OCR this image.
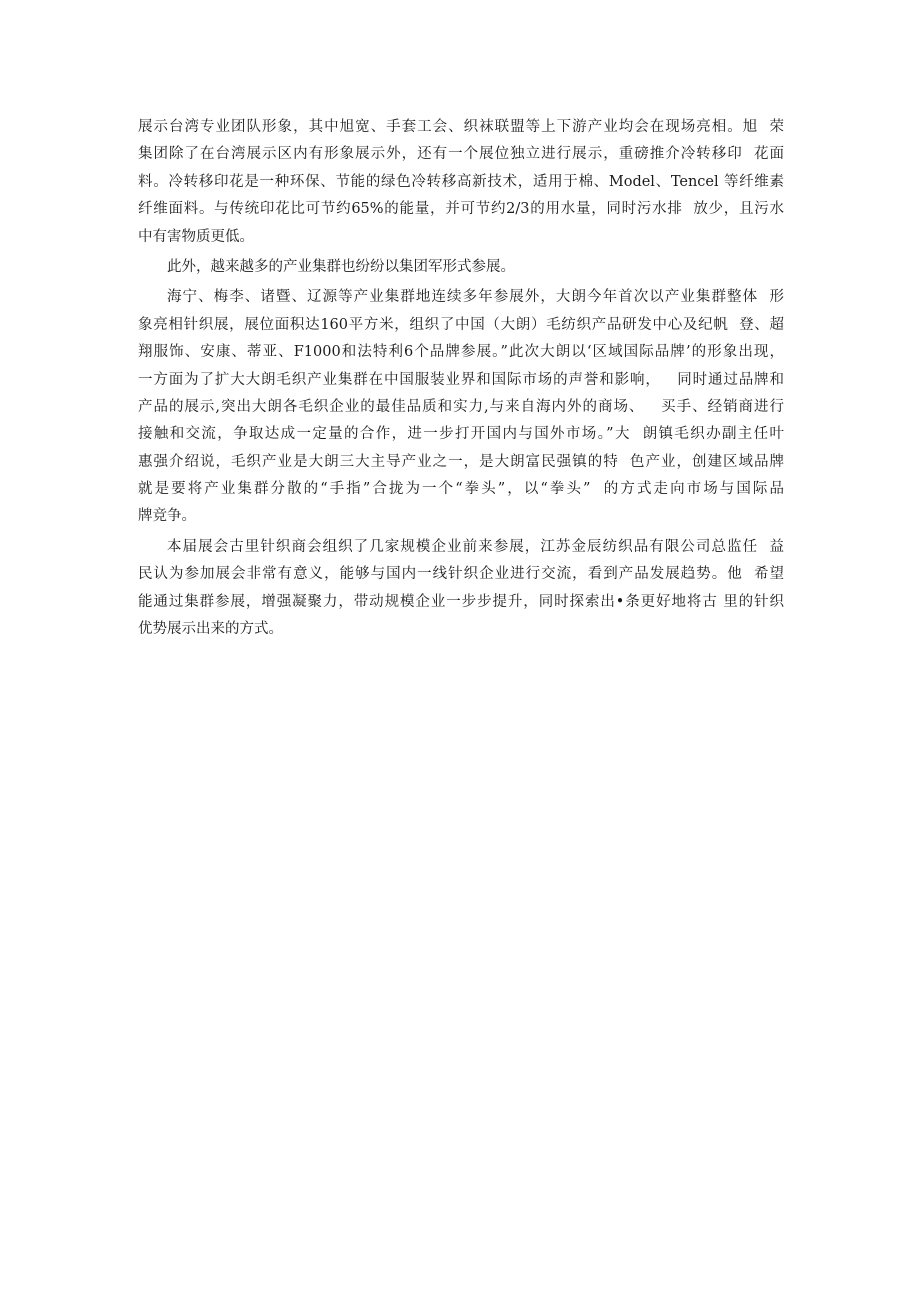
展示台湾专业团队形象，其中旭宽、手套工会、织袜联盟等上下游产业均会在现场亮相。旭  荣
集团除了在台湾展示区内有形象展示外，还有一个展位独立进行展示，重磅推介冷转移印  花面
料。冷转移印花是一种环保、节能的绿色冷转移高新技术，适用于棉、Model、Tencel 等纤维素
纤维面料。与传统印花比可节约65%的能量，并可节约2/3的用水量，同时污水排  放少，且污水
中有害物质更低。
此外，越来越多的产业集群也纷纷以集团军形式参展。
海宁、梅李、诸暨、辽源等产业集群地连续多年参展外，大朗今年首次以产业集群整体  形
象亮相针织展，展位面积达160平方米，组织了中国（大朗）毛纺织产品研发中心及纪帆  登、超
翔服饰、安康、蒂亚、F1000和法特利6个品牌参展。”此次大朗以‘区域国际品牌’的形象出现，
一方面为了扩大大朗毛织产业集群在中国服装业界和国际市场的声誉和影响，   同时通过品牌和
产品的展示,突出大朗各毛织企业的最佳品质和实力,与来自海内外的商场、   买手、经销商进行
接触和交流，争取达成一定量的合作，进一步打开国内与国外市场。”大  朗镇毛织办副主任叶
惠强介绍说，毛织产业是大朗三大主导产业之一，是大朗富民强镇的特  色产业，创建区域品牌
就是要将产业集群分散的“手指”合拢为一个“拳头”，以“拳头”  的方式走向市场与国际品
牌竞争。
本届展会古里针织商会组织了几家规模企业前来参展，江苏金辰纺织品有限公司总监任  益
民认为参加展会非常有意义，能够与国内一线针织企业进行交流，看到产品发展趋势。他  希望
能通过集群参展，增强凝聚力，带动规模企业一步步提升，同时探索出•条更好地将古 里的针织
优势展示出来的方式。
